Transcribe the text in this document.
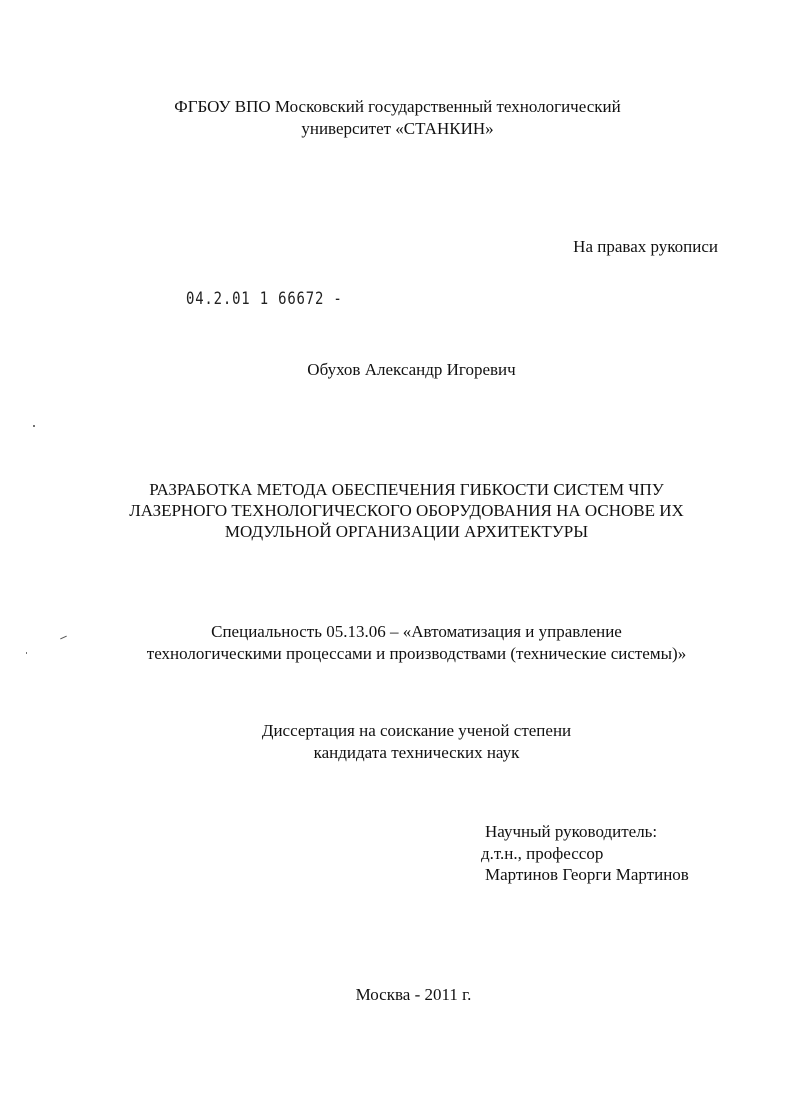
ФГБОУ ВПО Московский государственный технологический
университет «СТАНКИН»
На правах рукописи
04.2.01 1 66672 -
Обухов Александр Игоревич
РАЗРАБОТКА МЕТОДА ОБЕСПЕЧЕНИЯ ГИБКОСТИ СИСТЕМ ЧПУ
ЛАЗЕРНОГО ТЕХНОЛОГИЧЕСКОГО ОБОРУДОВАНИЯ НА ОСНОВЕ ИХ
МОДУЛЬНОЙ ОРГАНИЗАЦИИ АРХИТЕКТУРЫ
Специальность 05.13.06 – «Автоматизация и управление
технологическими процессами и производствами (технические системы)»
Диссертация на соискание ученой степени
кандидата технических наук
Научный руководитель:
д.т.н., профессор
Мартинов Георги Мартинов
Москва - 2011 г.
